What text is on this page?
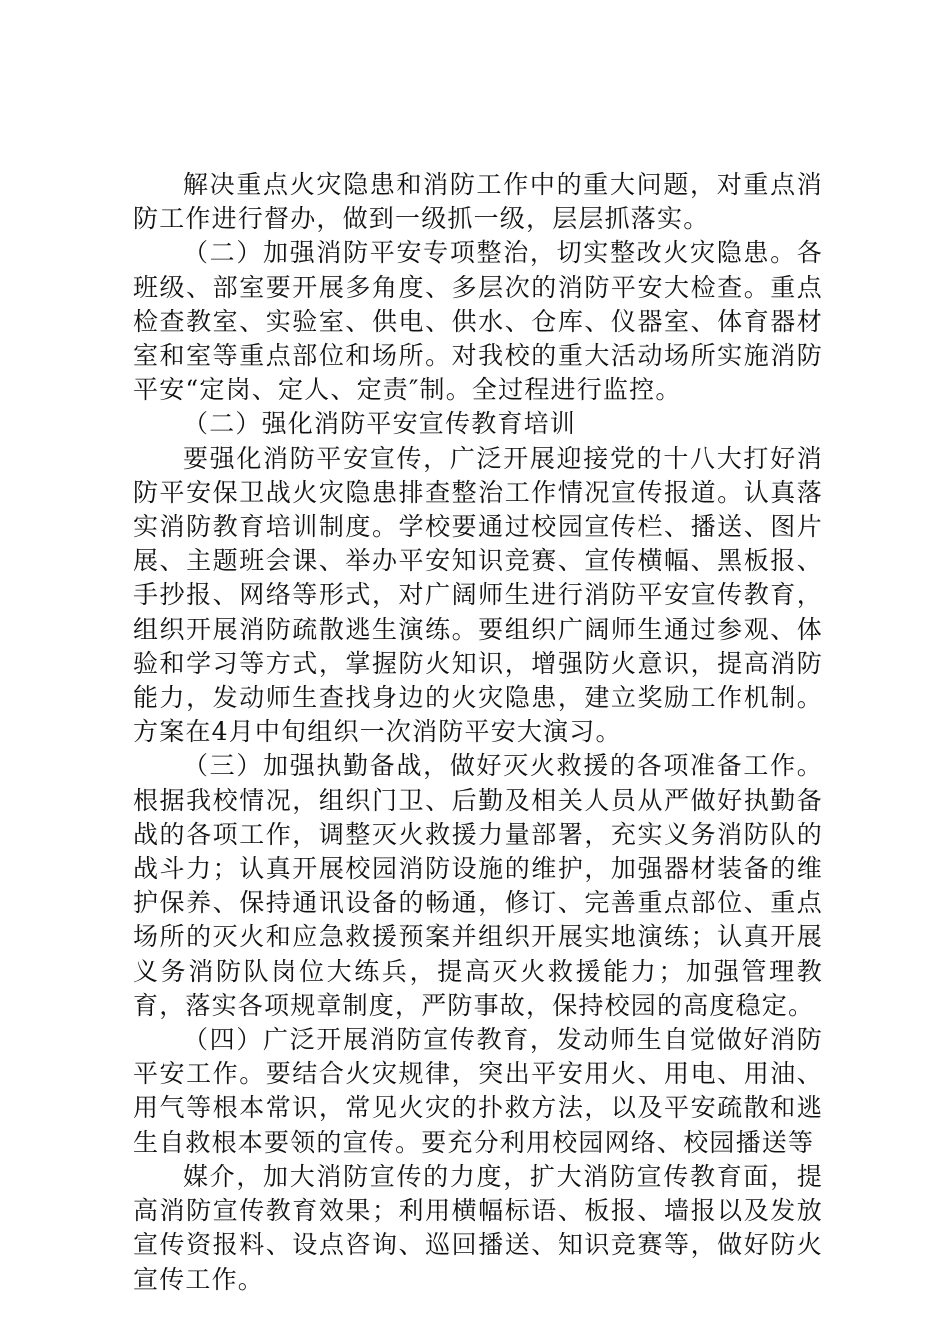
解决重点火灾隐患和消防工作中的重大问题，对重点消防工作进行督办，做到一级抓一级，层层抓落实。

（二）加强消防平安专项整治，切实整改火灾隐患。各班级、部室要开展多角度、多层次的消防平安大检查。重点检查教室、实验室、供电、供水、仓库、仪器室、体育器材室和室等重点部位和场所。对我校的重大活动场所实施消防平安“定岗、定人、定责″制。全过程进行监控。

（二）强化消防平安宣传教育培训

要强化消防平安宣传，广泛开展迎接党的十八大打好消防平安保卫战火灾隐患排查整治工作情况宣传报道。认真落实消防教育培训制度。学校要通过校园宣传栏、播送、图片展、主题班会课、举办平安知识竞赛、宣传横幅、黑板报、手抄报、网络等形式，对广阔师生进行消防平安宣传教育，组织开展消防疏散逃生演练。要组织广阔师生通过参观、体验和学习等方式，掌握防火知识，增强防火意识，提高消防能力，发动师生查找身边的火灾隐患，建立奖励工作机制。方案在4月中旬组织一次消防平安大演习。

（三）加强执勤备战，做好灭火救援的各项准备工作。根据我校情况，组织门卫、后勤及相关人员从严做好执勤备战的各项工作，调整灭火救援力量部署，充实义务消防队的战斗力；认真开展校园消防设施的维护，加强器材装备的维护保养、保持通讯设备的畅通，修订、完善重点部位、重点场所的灭火和应急救援预案并组织开展实地演练；认真开展义务消防队岗位大练兵，提高灭火救援能力；加强管理教育，落实各项规章制度，严防事故，保持校园的高度稳定。

（四）广泛开展消防宣传教育，发动师生自觉做好消防平安工作。要结合火灾规律，突出平安用火、用电、用油、用气等根本常识，常见火灾的扑救方法，以及平安疏散和逃生自救根本要领的宣传。要充分利用校园网络、校园播送等

媒介，加大消防宣传的力度，扩大消防宣传教育面，提高消防宣传教育效果；利用横幅标语、板报、墙报以及发放宣传资报料、设点咨询、巡回播送、知识竞赛等，做好防火宣传工作。
